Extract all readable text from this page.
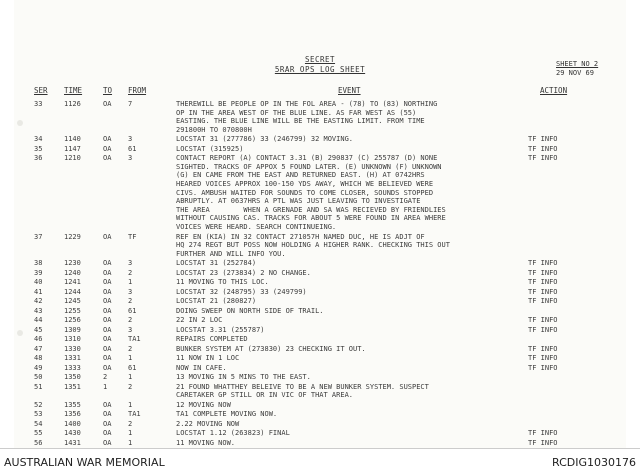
SECRET
5RAR OPS LOG SHEET
SHEET NO 2
29 NOV 69
SER TIME	TO FROM	EVENT	ACTION
33	1126	OA 7	THEREWILL BE PEOPLE OP IN THE FOL AREA - (78) TO (83) NORTHING
OP IN THE AREA WEST OF THE BLUE LINE. AS FAR WEST AS (55)
EASTING. THE BLUE LINE WILL BE THE EASTING LIMIT. FROM TIME
291800H TO 070800H
34	1140	OA 3	LOCSTAT 31 (277786) 33 (246799) 32 MOVING.	TF INFO
35	1147	OA 61	LOCSTAT (315925)	TF INFO
36	1210	OA 3	CONTACT REPORT (A) CONTACT 3.31 (B) 290837 (C) 255787 (D) NONE
SIGHTED. TRACKS OF APPOX 5 FOUND LATER. (E) UNKNOWN (F) UNKNOWN
(G) EN CAME FROM THE EAST AND RETURNED EAST. (H) AT 0742HRS
HEARED VOICES APPROX 100-150 YDS AWAY, WHICH WE BELIEVED WERE
CIVS. AMBUSH WAITED FOR SOUNDS TO COME CLOSER, SOUNDS STOPPED
ABRUPTLY. AT 0637HRS A PTL WAS JUST LEAVING TO INVESTIGATE
THE AREA        WHEN A GRENADE AND SA WAS RECIEVED BY FRIENDLIES
WITHOUT CAUSING CAS. TRACKS FOR ABOUT 5 WERE FOUND IN AREA WHERE
VOICES WERE HEARD. SEARCH CONTINUEING.
TF INFO
37	1229	OA TF	REF EN (KIA) IN 32 CONTACT 271057H NAMED DUC, HE IS ADJT OF
HQ 274 REGT BUT POSS NOW HOLDING A HIGHER RANK. CHECKING THIS OUT
FURTHER AND WILL INFO YOU.
38	1230	OA 3	LOCSTAT 31 (252784)	TF INFO
39	1240	OA 2	LOCSTAT 23 (273834) 2 NO CHANGE.	TF INFO
40	1241	OA 1	11 MOVING TO THIS LOC.	TF INFO
41	1244	OA 3	LOCSTAT 32 (248795) 33 (249799)	TF INFO
42	1245	OA 2	LOCSTAT 21 (280827)	TF INFO
43	1255	OA 61	DOING SWEEP ON NORTH SIDE OF TRAIL.
44	1256	OA 2	22 IN 2 LOC	TF INFO
45	1309	OA 3	LOCSTAT 3.31 (255787)	TF INFO
46	1310	OA TA1	REPAIRS COMPLETED
47	1330	OA 2	BUNKER SYSTEM AT (273830) 23 CHECKING IT OUT.	TF INFO
48	1331	OA 1	11 NOW IN 1 LOC	TF INFO
49	1333	OA 61	NOW IN CAFE.	TF INFO
50	1350	2	1	13 MOVING IN 5 MINS TO THE EAST.
51	1351	1	2	21 FOUND WHATTHEY BELEIVE TO BE A NEW BUNKER SYSTEM. SUSPECT
CARETAKER GP STILL OR IN VIC OF THAT AREA.
52	1355	OA 1	12 MOVING NOW
53	1356	OA TA1	TA1 COMPLETE MOVING NOW.
54	1400	OA 2	2.22 MOVING NOW
55	1430	OA 1	LOCSTAT 1.12 (263823) FINAL	TF INFO
56	1431	OA 1	11 MOVING NOW.	TF INFO
AUSTRALIAN WAR MEMORIAL	RCDIG1030176
